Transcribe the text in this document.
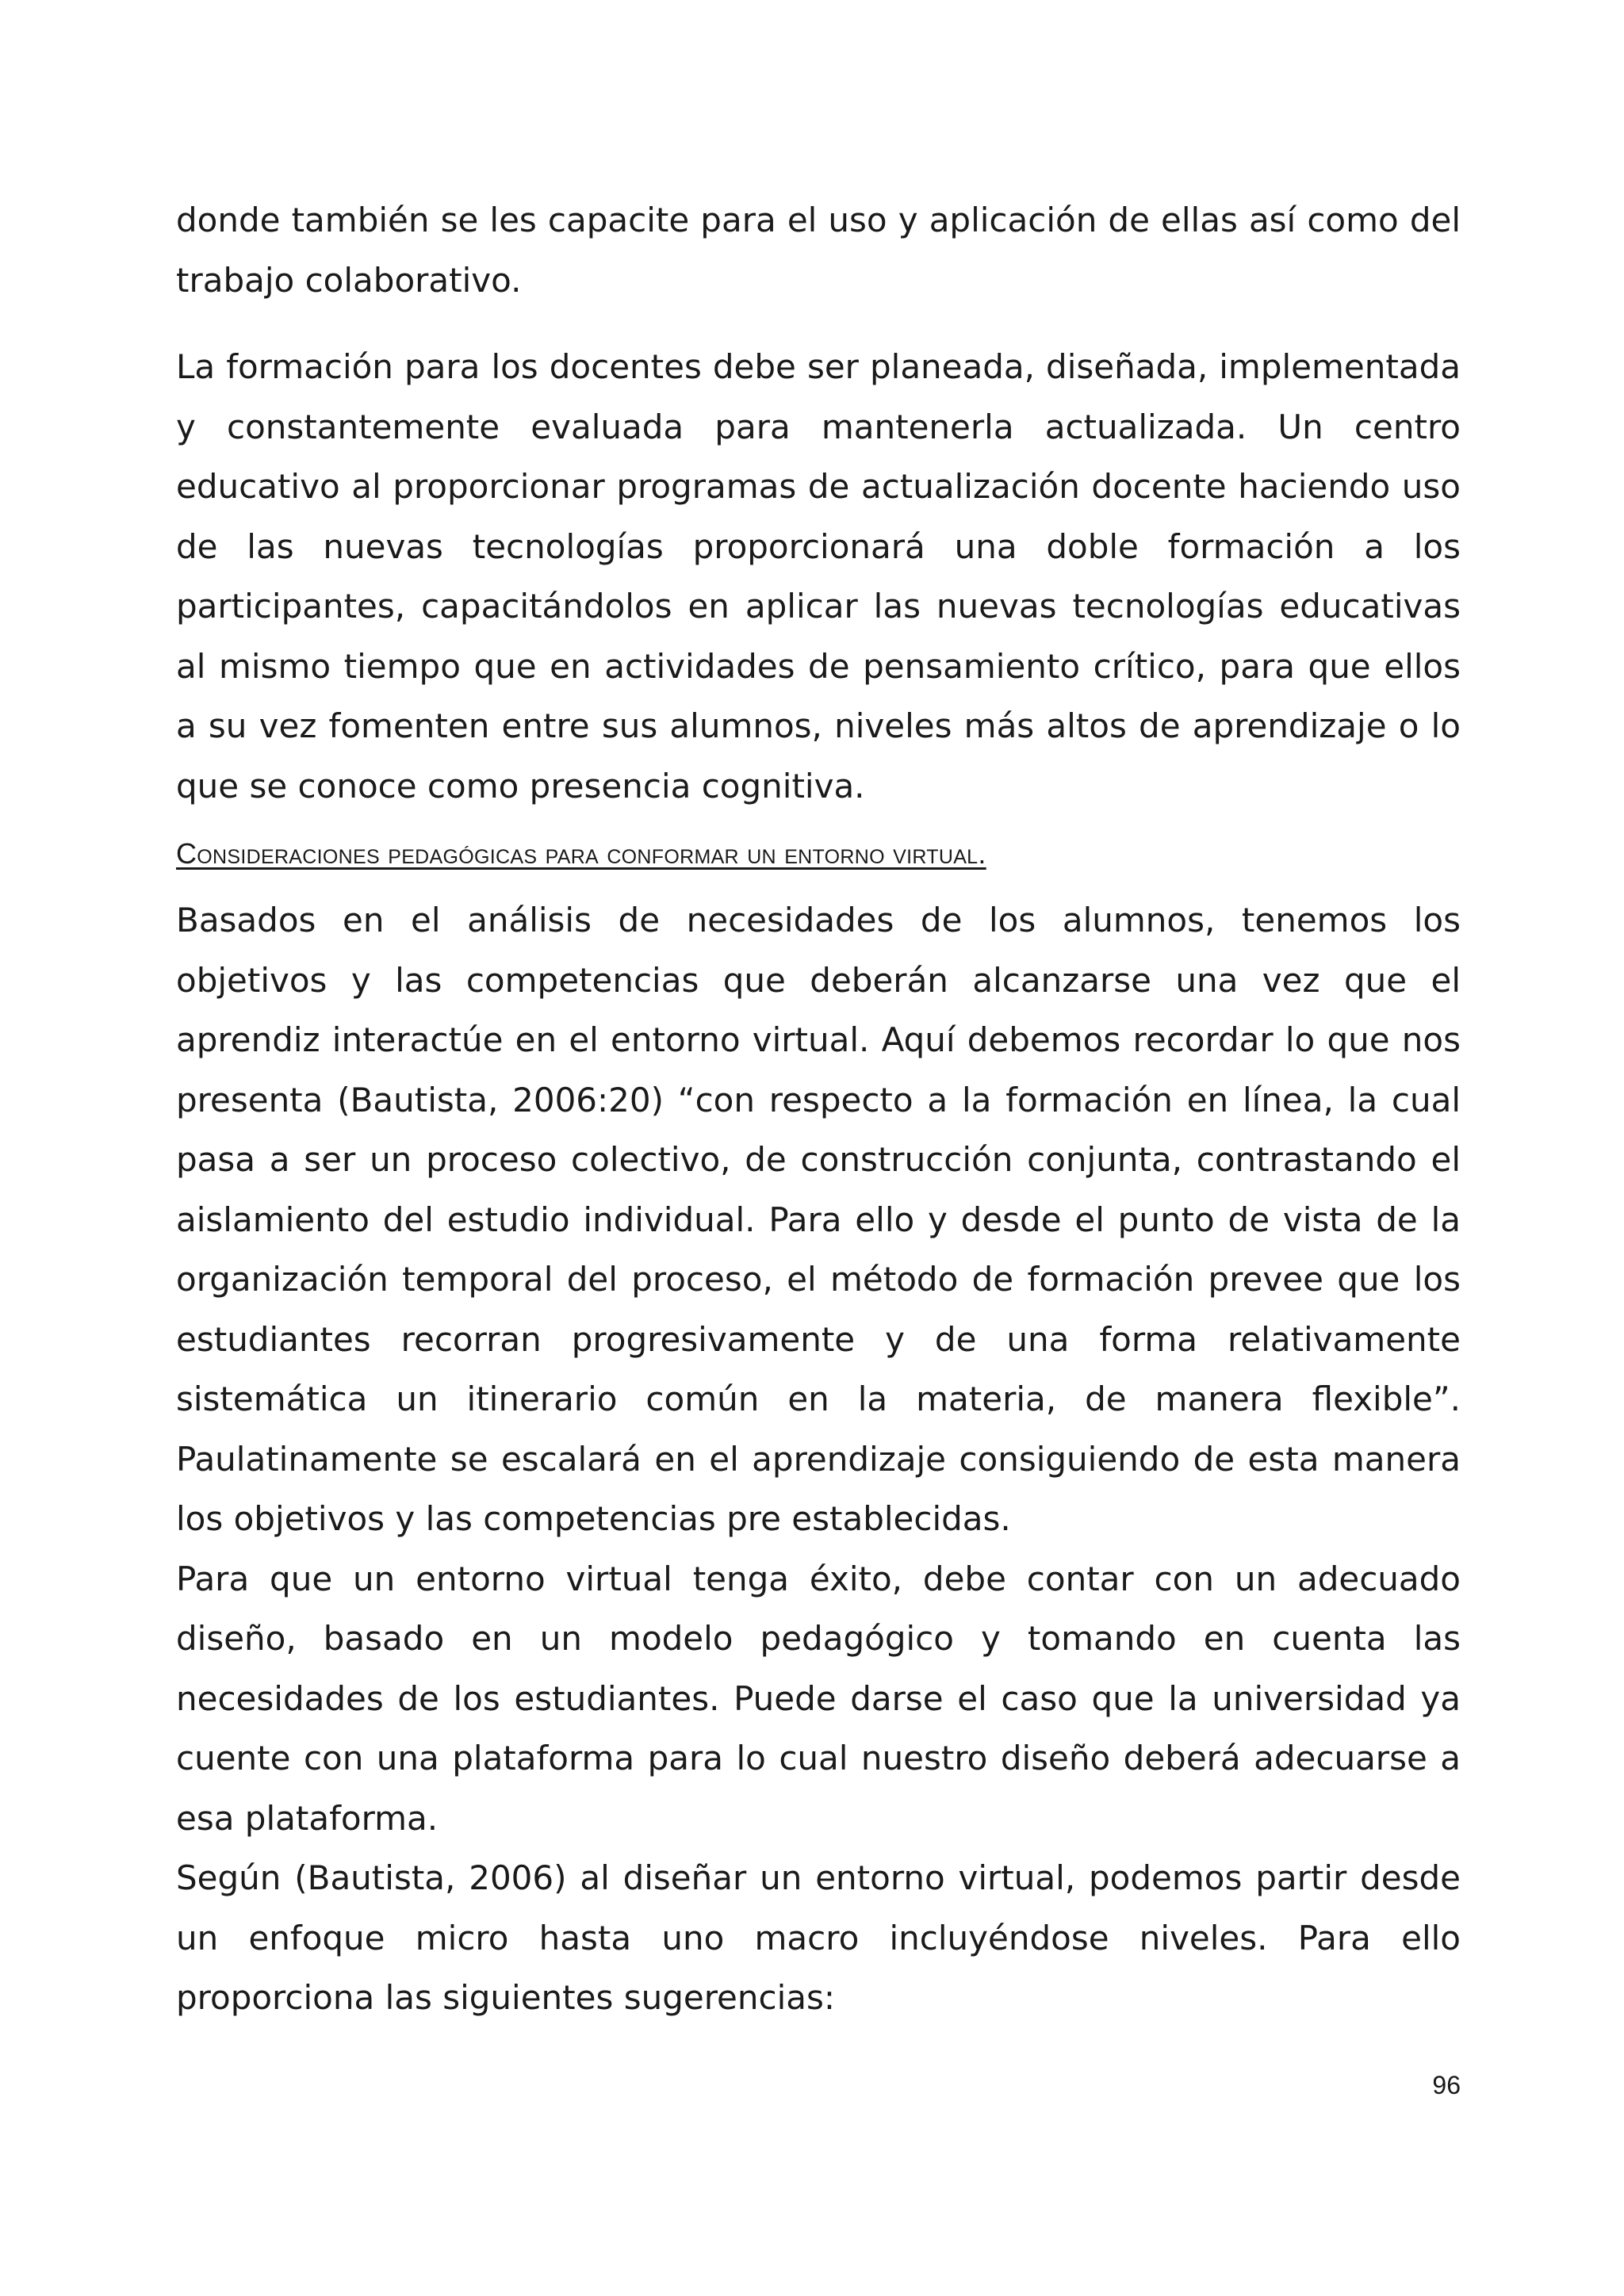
donde también se les capacite para el uso y aplicación de ellas así como del trabajo colaborativo.

La formación para los docentes debe ser planeada, diseñada, implementada y constantemente evaluada para mantenerla actualizada. Un centro educativo al proporcionar programas de actualización docente haciendo uso de las nuevas tecnologías proporcionará una doble formación a los participantes, capacitándolos en aplicar las nuevas tecnologías educativas al mismo tiempo que en actividades de pensamiento crítico, para que ellos a su vez fomenten entre sus alumnos, niveles más altos de aprendizaje o lo que se conoce como presencia cognitiva.

Consideraciones pedagógicas para conformar un entorno virtual.

Basados en el análisis de necesidades de los alumnos, tenemos los objetivos y las competencias que deberán alcanzarse una vez que el aprendiz interactúe en el entorno virtual. Aquí debemos recordar lo que nos presenta (Bautista, 2006:20) “con respecto a la formación en línea, la cual pasa a ser un proceso colectivo, de construcción conjunta, contrastando el aislamiento del estudio individual. Para ello y desde el punto de vista de la organización temporal del proceso, el método de formación prevee que los estudiantes recorran progresivamente y de una forma relativamente sistemática un itinerario común en la materia, de manera flexible”. Paulatinamente se escalará en el aprendizaje consiguiendo de esta manera los objetivos y las competencias pre establecidas.

Para que un entorno virtual tenga éxito, debe contar con un adecuado diseño, basado en un modelo pedagógico y tomando en cuenta las necesidades de los estudiantes. Puede darse el caso que la universidad ya cuente con una plataforma para lo cual nuestro diseño deberá adecuarse a esa plataforma.

Según (Bautista, 2006) al diseñar un entorno virtual, podemos partir desde un enfoque micro hasta uno macro incluyéndose niveles. Para ello proporciona las siguientes sugerencias:

96
